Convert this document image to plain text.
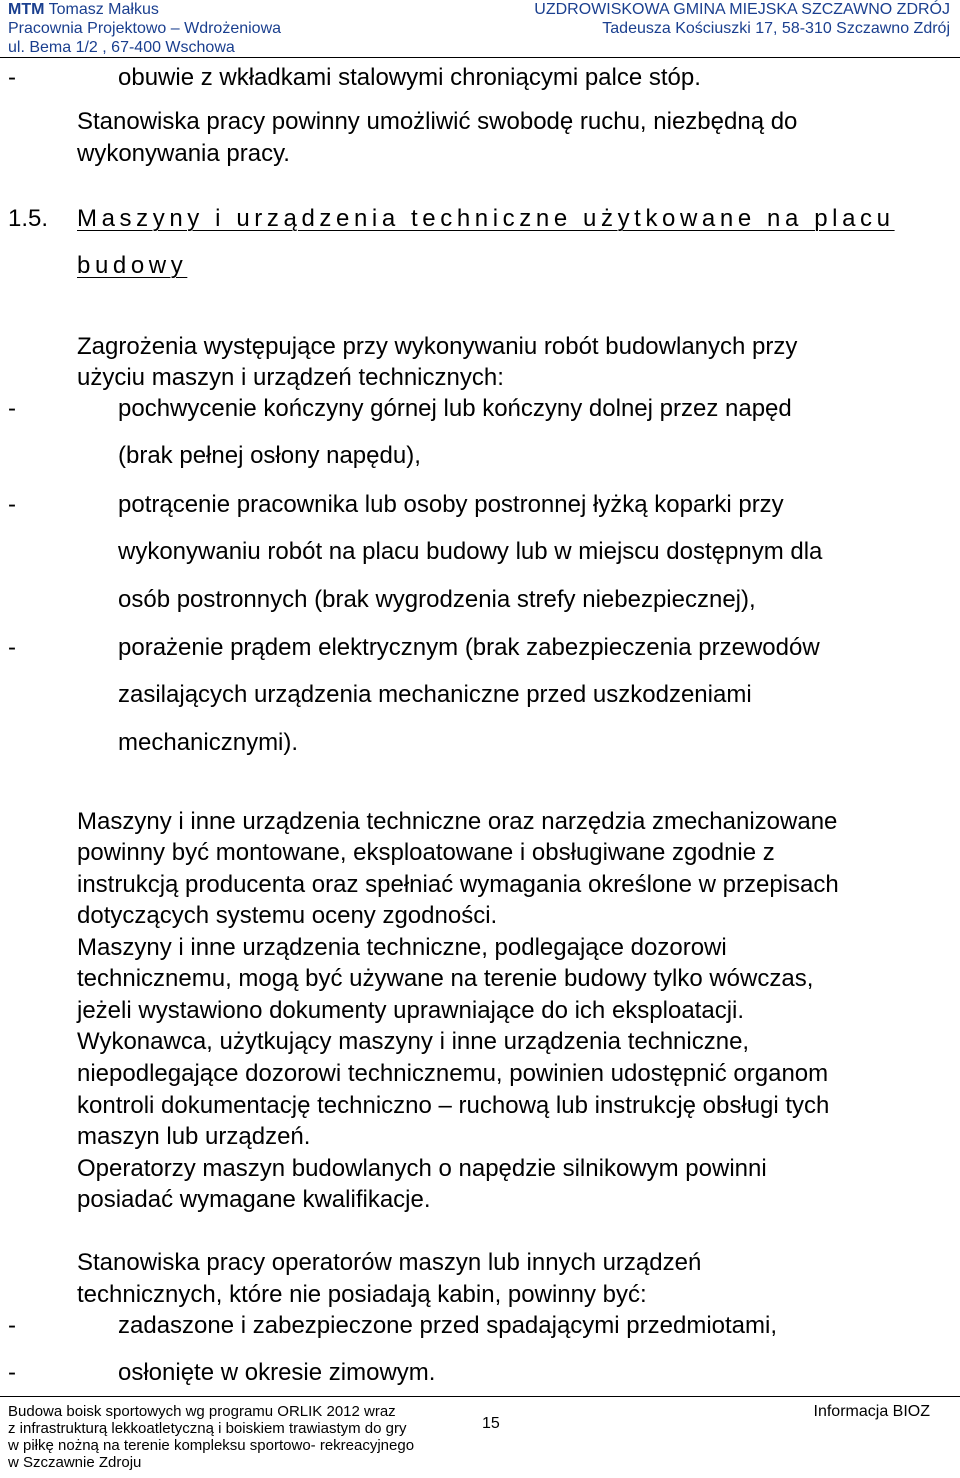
MTM Tomasz Małkus
Pracownia Projektowo – Wdrożeniowa
ul. Bema 1/2 , 67-400 Wschowa
UZDROWISKOWA GMINA MIEJSKA SZCZAWNO ZDRÓJ
Tadeusza Kościuszki 17, 58-310 Szczawno Zdrój
-	obuwie z wkładkami stalowymi chroniącymi palce stóp.
Stanowiska pracy powinny umożliwić swobodę ruchu, niezbędną do
wykonywania pracy.
1.5. Maszyny i urządzenia techniczne użytkowane na placu
budowy
Zagrożenia występujące przy wykonywaniu robót budowlanych przy
użyciu maszyn i urządzeń technicznych:
-	pochwycenie kończyny górnej lub kończyny dolnej przez napęd
(brak pełnej osłony napędu),
-	potrącenie pracownika lub osoby postronnej łyżką koparki przy
wykonywaniu robót na placu budowy lub w miejscu dostępnym dla
osób postronnych (brak wygrodzenia strefy niebezpiecznej),
-	porażenie prądem elektrycznym (brak zabezpieczenia przewodów
zasilających urządzenia mechaniczne przed uszkodzeniami
mechanicznymi).
Maszyny i inne urządzenia techniczne oraz narzędzia zmechanizowane
powinny być montowane, eksploatowane i obsługiwane zgodnie z
instrukcją producenta oraz spełniać wymagania określone w przepisach
dotyczących systemu oceny zgodności.
Maszyny i inne urządzenia techniczne, podlegające dozorowi
technicznemu, mogą być używane na terenie budowy tylko wówczas,
jeżeli wystawiono dokumenty uprawniające do ich eksploatacji.
Wykonawca, użytkujący maszyny i inne urządzenia techniczne,
niepodlegające dozorowi technicznemu, powinien udostępnić organom
kontroli dokumentację techniczno – ruchową lub instrukcję obsługi tych
maszyn lub urządzeń.
Operatorzy maszyn budowlanych o napędzie silnikowym powinni
posiadać wymagane kwalifikacje.
Stanowiska pracy operatorów maszyn lub innych urządzeń
technicznych, które nie posiadają kabin, powinny być:
-	zadaszone i zabezpieczone przed spadającymi przedmiotami,
-	osłonięte w okresie zimowym.
Budowa boisk sportowych wg programu ORLIK 2012 wraz
z infrastrukturą lekkoatletyczną i boiskiem trawiastym do gry
w piłkę nożną na terenie kompleksu sportowo- rekreacyjnego
w Szczawnie Zdroju
15
Informacja BIOZ
